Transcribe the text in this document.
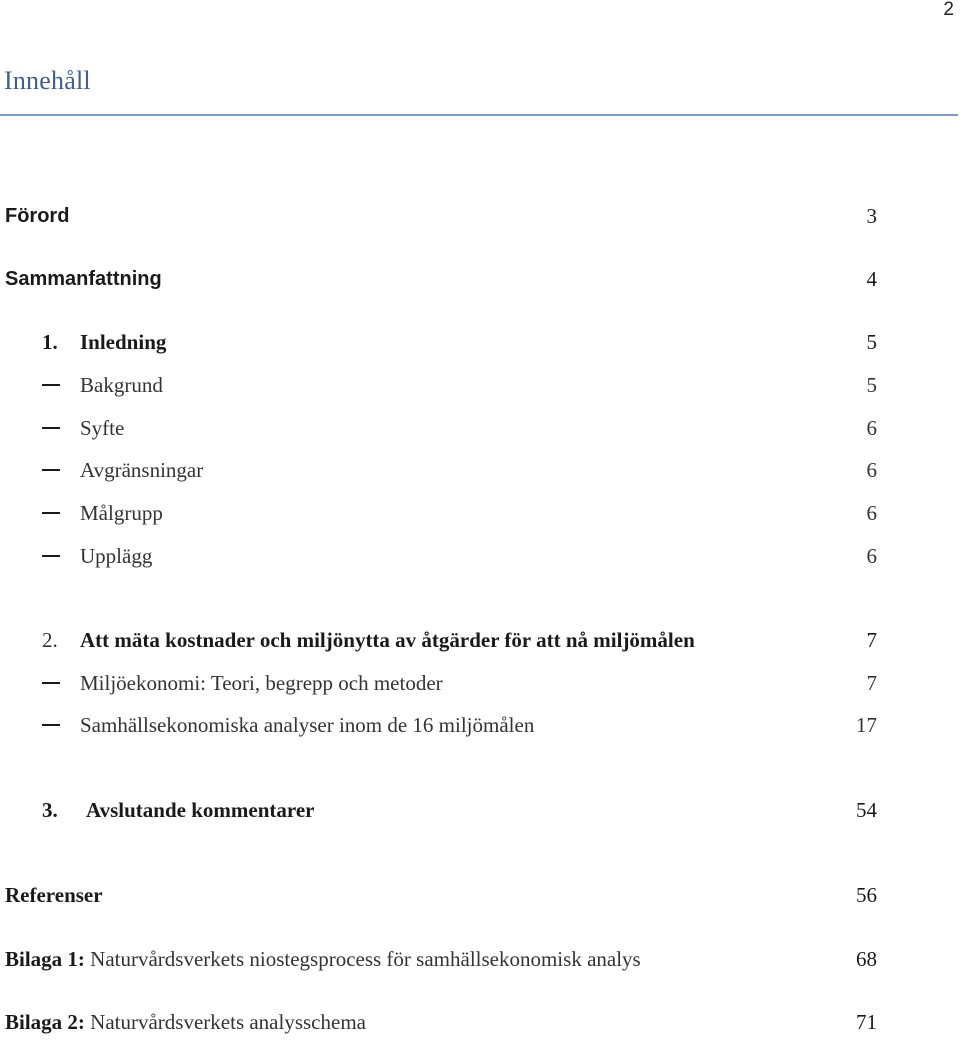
2
Innehåll
Förord	3
Sammanfattning	4
1. Inledning	5
Bakgrund	5
Syfte	6
Avgränsningar	6
Målgrupp	6
Upplägg	6
2. Att mäta kostnader och miljönytta av åtgärder för att nå miljömålen	7
Miljöekonomi: Teori, begrepp och metoder	7
Samhällsekonomiska analyser inom de 16 miljömålen	17
3. Avslutande kommentarer	54
Referenser	56
Bilaga 1: Naturvårdsverkets niostegsprocess för samhällsekonomisk analys	68
Bilaga 2: Naturvårdsverkets analysschema	71
